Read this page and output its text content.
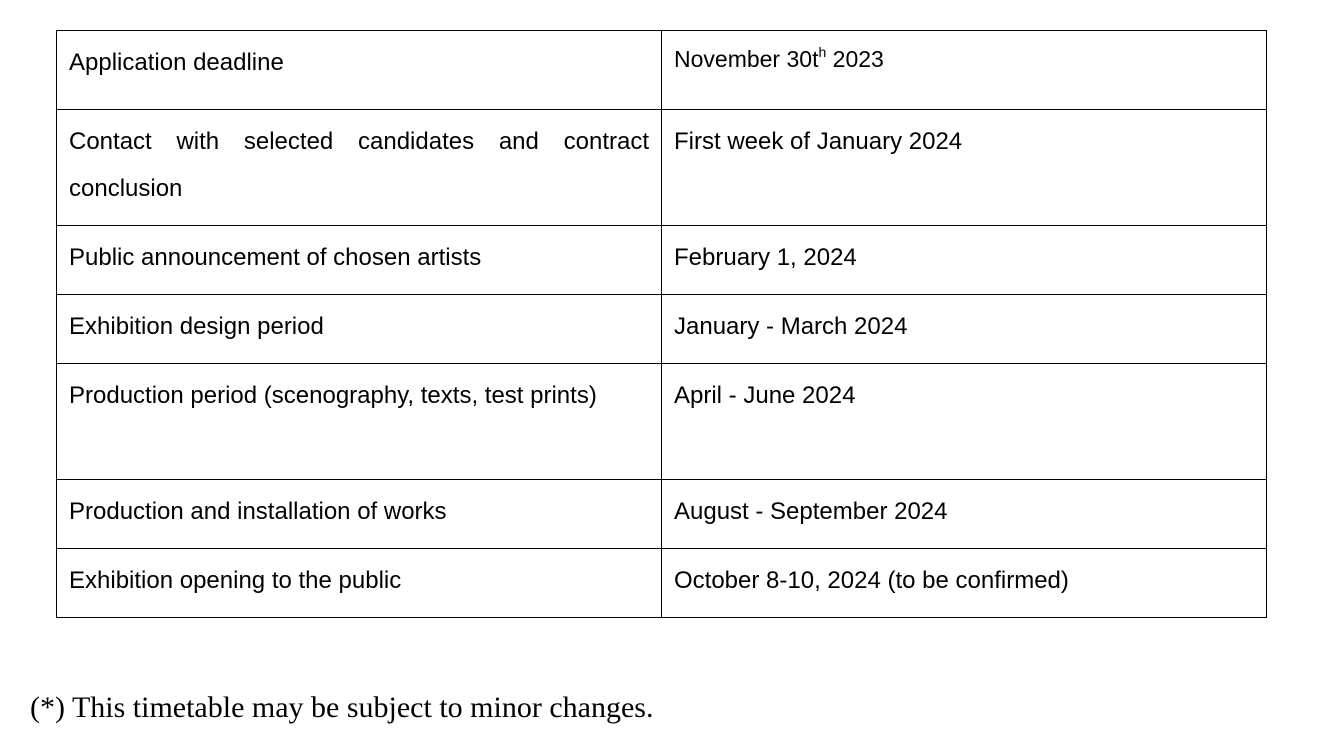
Application deadline	November $30t^h$ 2023
Contact with selected candidates and contract conclusion	First week of January 2024
Public announcement of chosen artists	February 1, 2024
Exhibition design period	January - March 2024
Production period (scenography, texts, test prints)	April - June 2024
Production and installation of works	August - September 2024
Exhibition opening to the public	October 8-10, 2024 (to be confirmed)
(*) This timetable may be subject to minor changes.
